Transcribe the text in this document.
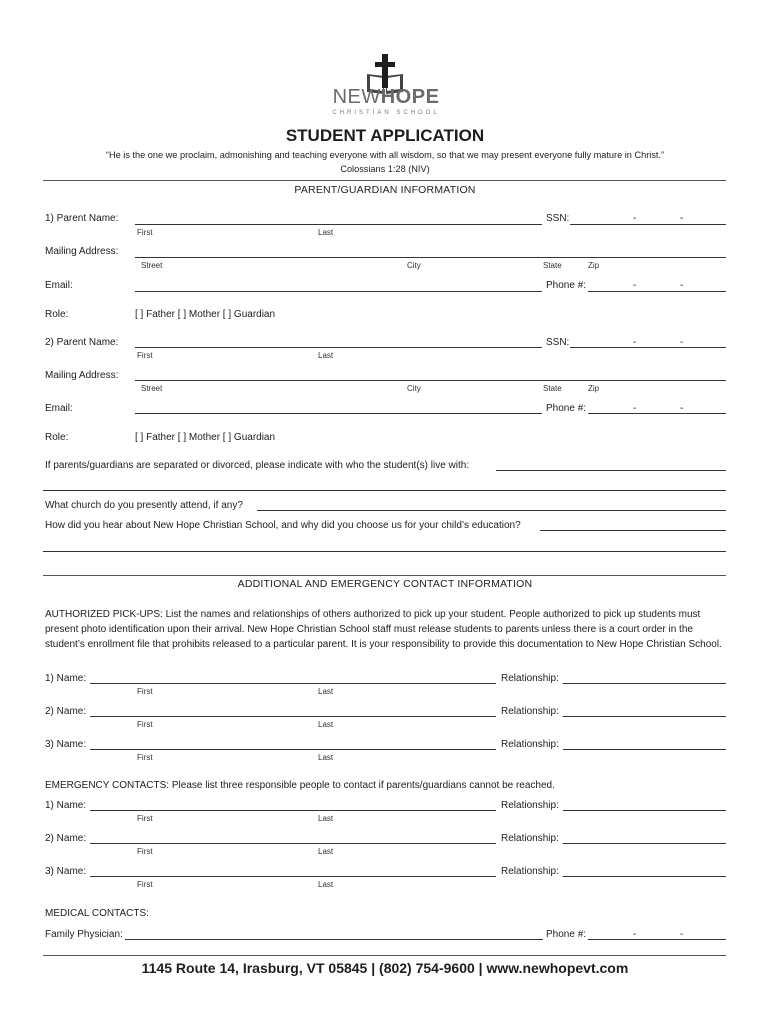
NEWHOPE
CHRISTIAN SCHOOL
STUDENT APPLICATION
“He is the one we proclaim, admonishing and teaching everyone with all wisdom, so that we may present everyone fully mature in Christ.”
Colossians 1:28 (NIV)
PARENT/GUARDIAN INFORMATION
1) Parent Name:	SSN:	-	-
First	Last
Mailing Address:
Street	City	State	Zip
Email:	Phone #:	-	-
Role:	[ ] Father [ ] Mother [ ] Guardian
2) Parent Name:	SSN:	-	-
First	Last
Mailing Address:
Street	City	State	Zip
Email:	Phone #:	-	-
Role:	[ ] Father [ ] Mother [ ] Guardian
If parents/guardians are separated or divorced, please indicate with who the student(s) live with:
What church do you presently attend, if any?
How did you hear about New Hope Christian School, and why did you choose us for your child’s education?
ADDITIONAL AND EMERGENCY CONTACT INFORMATION
AUTHORIZED PICK-UPS: List the names and relationships of others authorized to pick up your student. People authorized to pick up students must present photo identification upon their arrival. New Hope Christian School staff must release students to parents unless there is a court order in the student’s enrollment file that prohibits released to a particular parent. It is your responsibility to provide this documentation to New Hope Christian School.
1) Name:	Relationship:
First	Last
2) Name:	Relationship:
First	Last
3) Name:	Relationship:
First	Last
EMERGENCY CONTACTS: Please list three responsible people to contact if parents/guardians cannot be reached.
1) Name:	Relationship:
First	Last
2) Name:	Relationship:
First	Last
3) Name:	Relationship:
First	Last
MEDICAL CONTACTS:
Family Physician:	Phone #:	-	-
1145 Route 14, Irasburg, VT 05845 | (802) 754-9600 | www.newhopevt.com
